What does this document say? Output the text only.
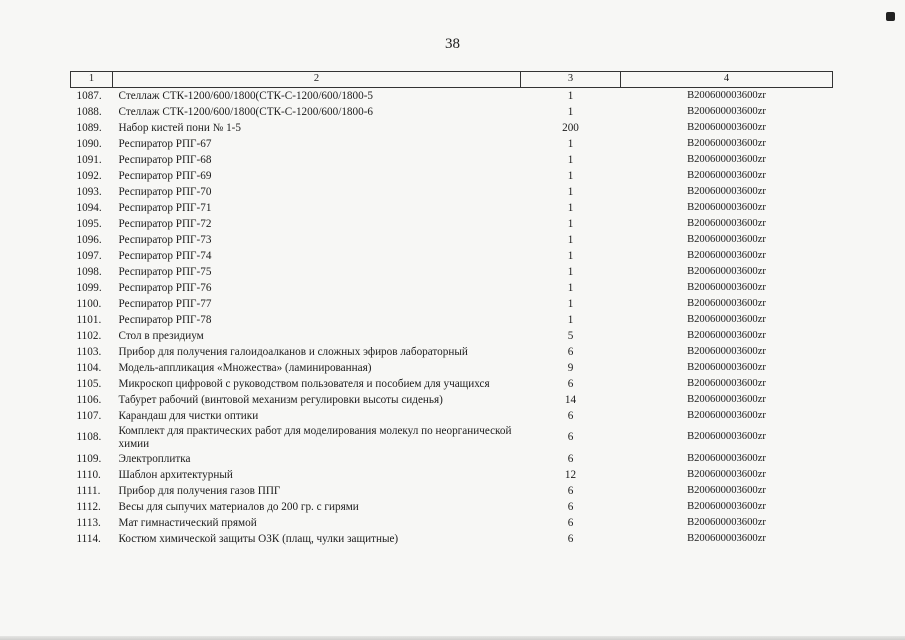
38
1	2	3	4
1087.	Стеллаж СТК-1200/600/1800(СТК-С-1200/600/1800-5	1	B200600003600zr
1088.	Стеллаж СТК-1200/600/1800(СТК-С-1200/600/1800-6	1	B200600003600zr
1089.	Набор кистей пони № 1-5	200	B200600003600zr
1090.	Респиратор РПГ-67	1	B200600003600zr
1091.	Респиратор РПГ-68	1	B200600003600zr
1092.	Респиратор РПГ-69	1	B200600003600zr
1093.	Респиратор РПГ-70	1	B200600003600zr
1094.	Респиратор РПГ-71	1	B200600003600zr
1095.	Респиратор РПГ-72	1	B200600003600zr
1096.	Респиратор РПГ-73	1	B200600003600zr
1097.	Респиратор РПГ-74	1	B200600003600zr
1098.	Респиратор РПГ-75	1	B200600003600zr
1099.	Респиратор РПГ-76	1	B200600003600zr
1100.	Респиратор РПГ-77	1	B200600003600zr
1101.	Респиратор РПГ-78	1	B200600003600zr
1102.	Стол в президиум	5	B200600003600zr
1103.	Прибор для получения галоидоалканов и сложных эфиров лабораторный	6	B200600003600zr
1104.	Модель-аппликация «Множества» (ламинированная)	9	B200600003600zr
1105.	Микроскоп цифровой с руководством пользователя и пособием для учащихся	6	B200600003600zr
1106.	Табурет рабочий (винтовой механизм регулировки высоты сиденья)	14	B200600003600zr
1107.	Карандаш для чистки оптики	6	B200600003600zr
1108.	Комплект для практических работ для моделирования молекул по неорганической химии	6	B200600003600zr
1109.	Электроплитка	6	B200600003600zr
1110.	Шаблон архитектурный	12	B200600003600zr
1111.	Прибор для получения газов ППГ	6	B200600003600zr
1112.	Весы для сыпучих материалов до 200 гр. с гирями	6	B200600003600zr
1113.	Мат гимнастический прямой	6	B200600003600zr
1114.	Костюм химической защиты ОЗК (плащ, чулки защитные)	6	B200600003600zr
